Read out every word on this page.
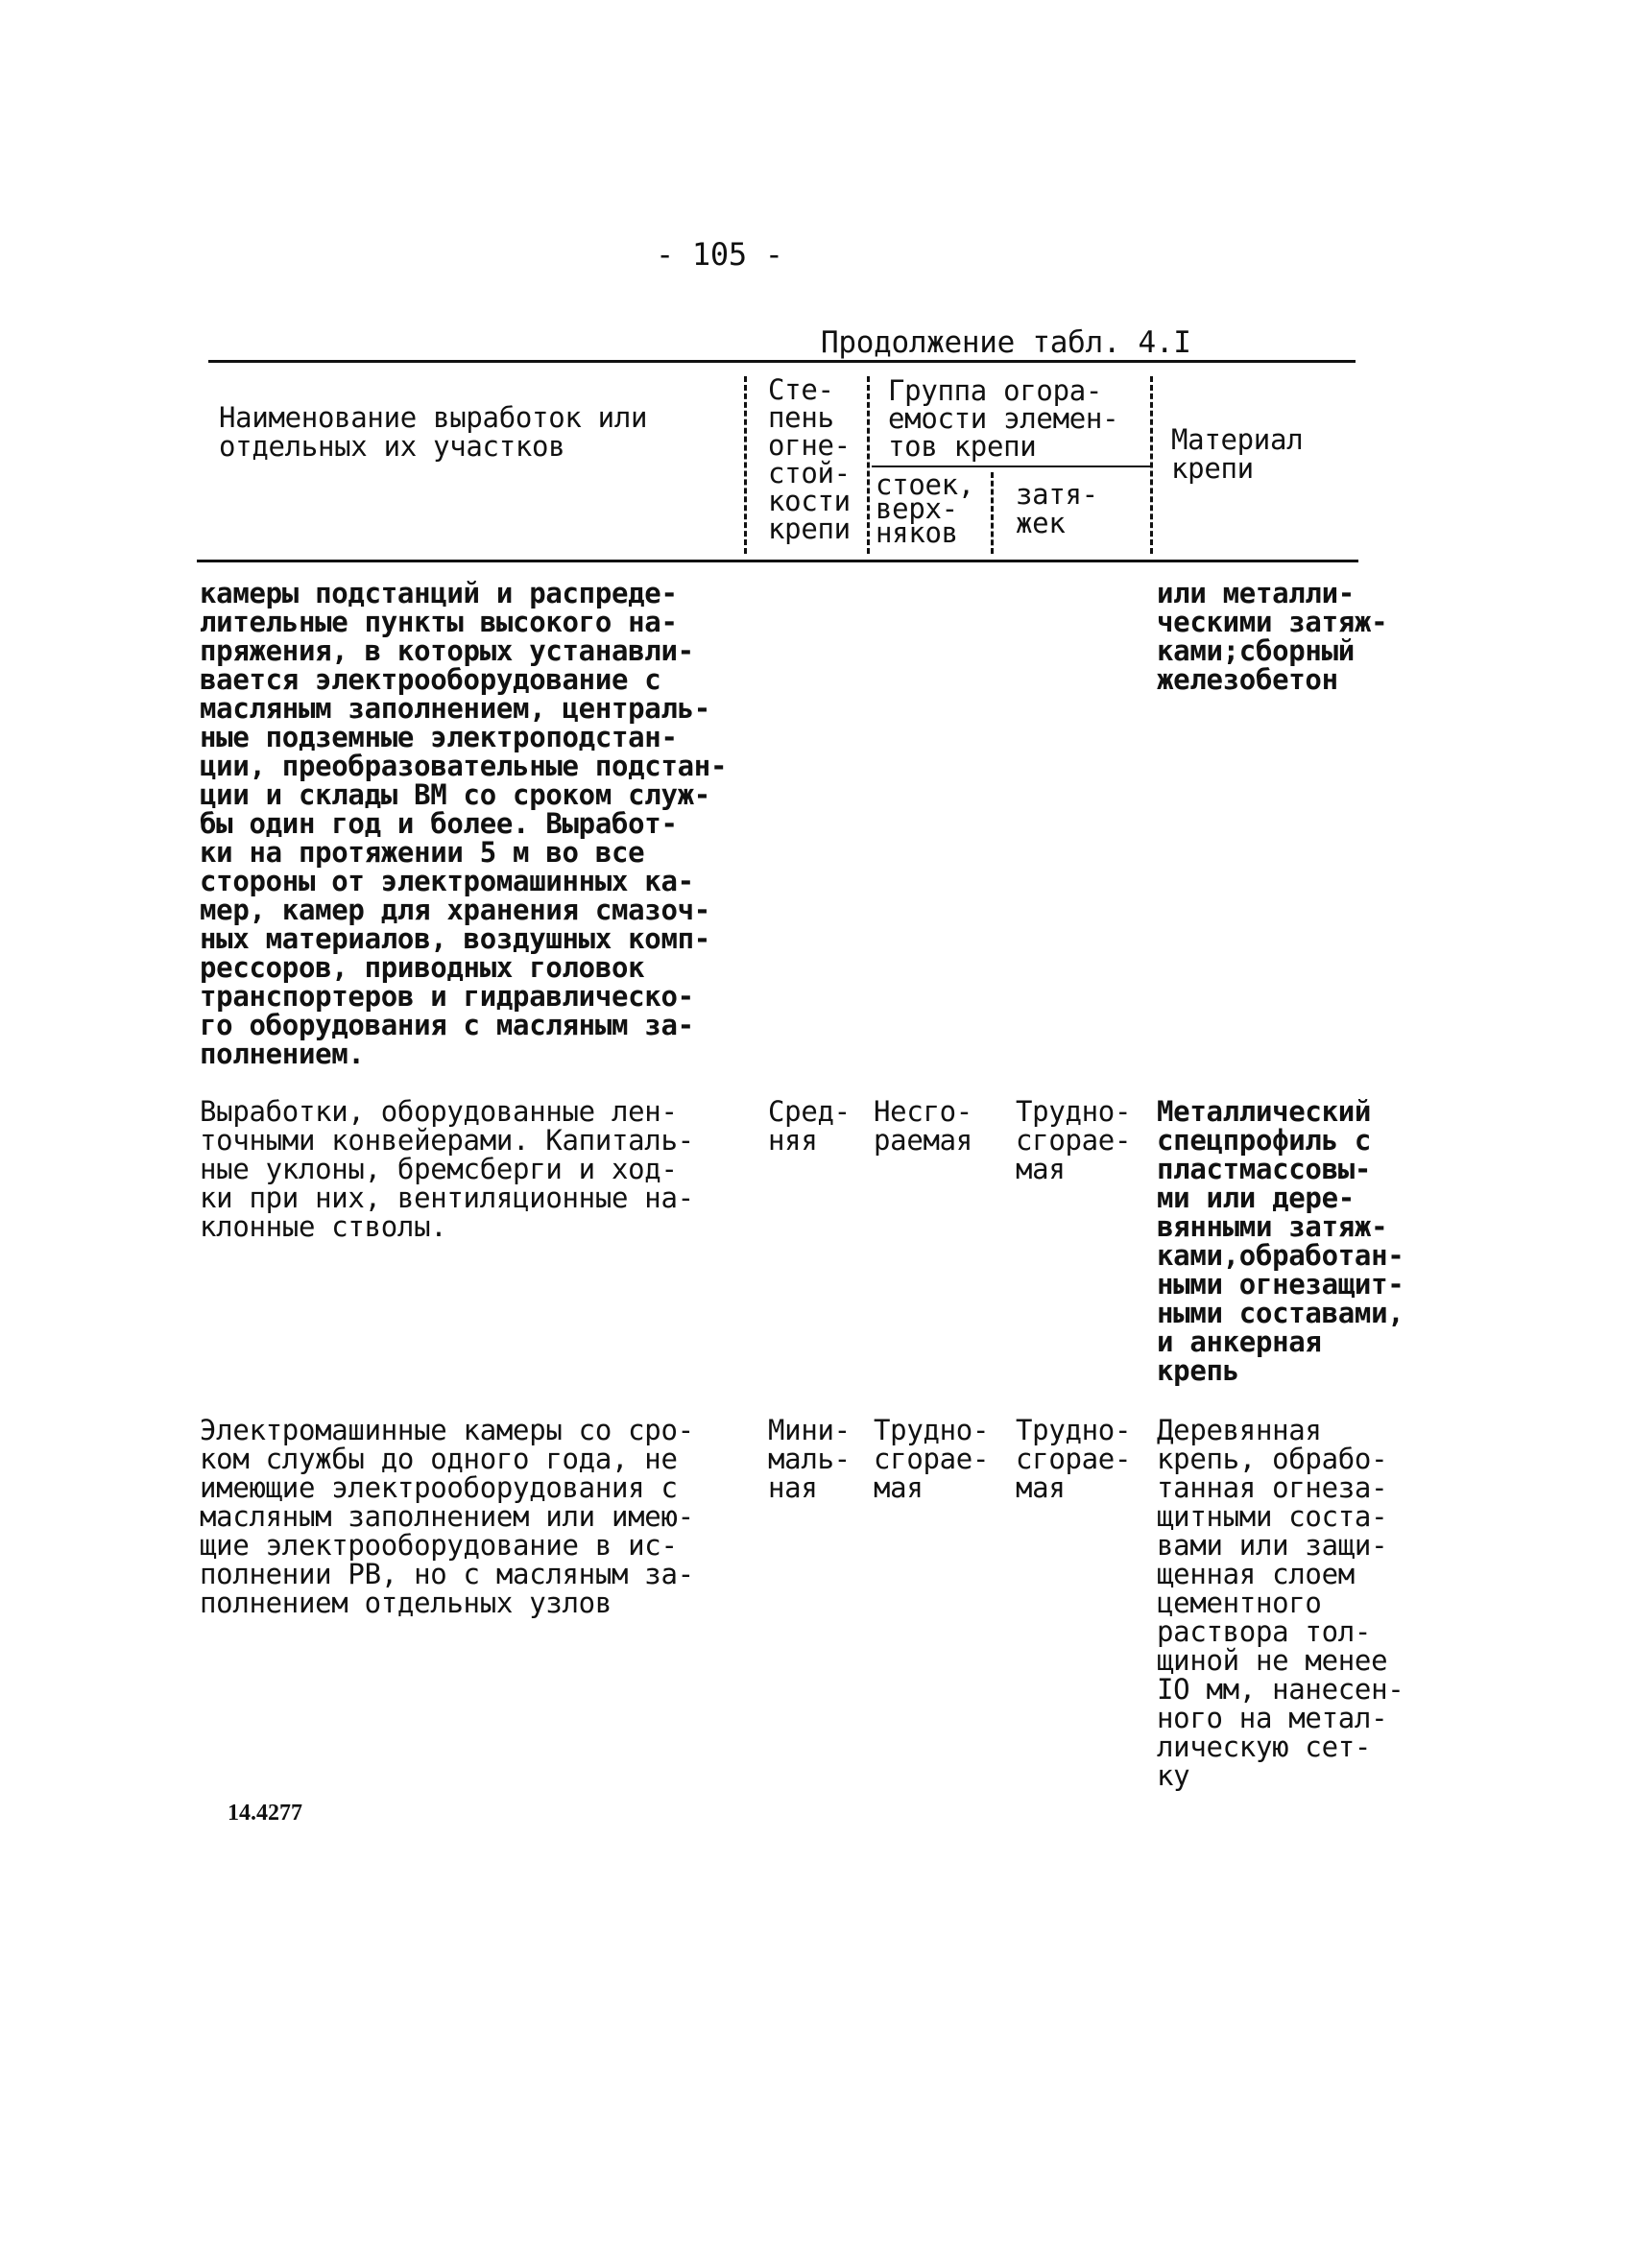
- 105 -
Продолжение табл. 4.I
Наименование выработок или
отдельных их участков
Сте-
пень
огне-
стой-
кости
крепи
Группа огора-
емости элемен-
тов крепи
стоек,
верх-
няков
затя-
жек
Материал
крепи
камеры подстанций и распреде-
лительные пункты высокого на-
пряжения, в которых устанавли-
вается электрооборудование с
масляным заполнением, централь-
ные подземные электроподстан-
ции, преобразовательные подстан-
ции и склады ВМ со сроком служ-
бы один год и более. Выработ-
ки на протяжении 5 м во все
стороны от электромашинных ка-
мер, камер для хранения смазоч-
ных материалов, воздушных комп-
рессоров, приводных головок
транспортеров и гидравлическо-
го оборудования с масляным за-
полнением.
или металли-
ческими затяж-
ками;сборный
железобетон
Выработки, оборудованные лен-
точными конвейерами. Капиталь-
ные уклоны, бремсберги и ход-
ки при них, вентиляционные на-
клонные стволы.
Сред-
няя
Несго-
раемая
Трудно-
сгорае-
мая
Металлический
спецпрофиль с
пластмассовы-
ми или дере-
вянными затяж-
ками,обработан-
ными огнезащит-
ными составами,
и анкерная
крепь
Электромашинные камеры со сро-
ком службы до одного года, не
имеющие электрооборудования с
масляным заполнением или имею-
щие электрооборудование в ис-
полнении РВ, но с масляным за-
полнением отдельных узлов
Мини-
маль-
ная
Трудно-
сгорае-
мая
Трудно-
сгорае-
мая
Деревянная
крепь, обрабо-
танная огнеза-
щитными соста-
вами или защи-
щенная слоем
цементного
раствора тол-
щиной не менее
IО мм, нанесен-
ного на метал-
лическую сет-
ку
14.4277
